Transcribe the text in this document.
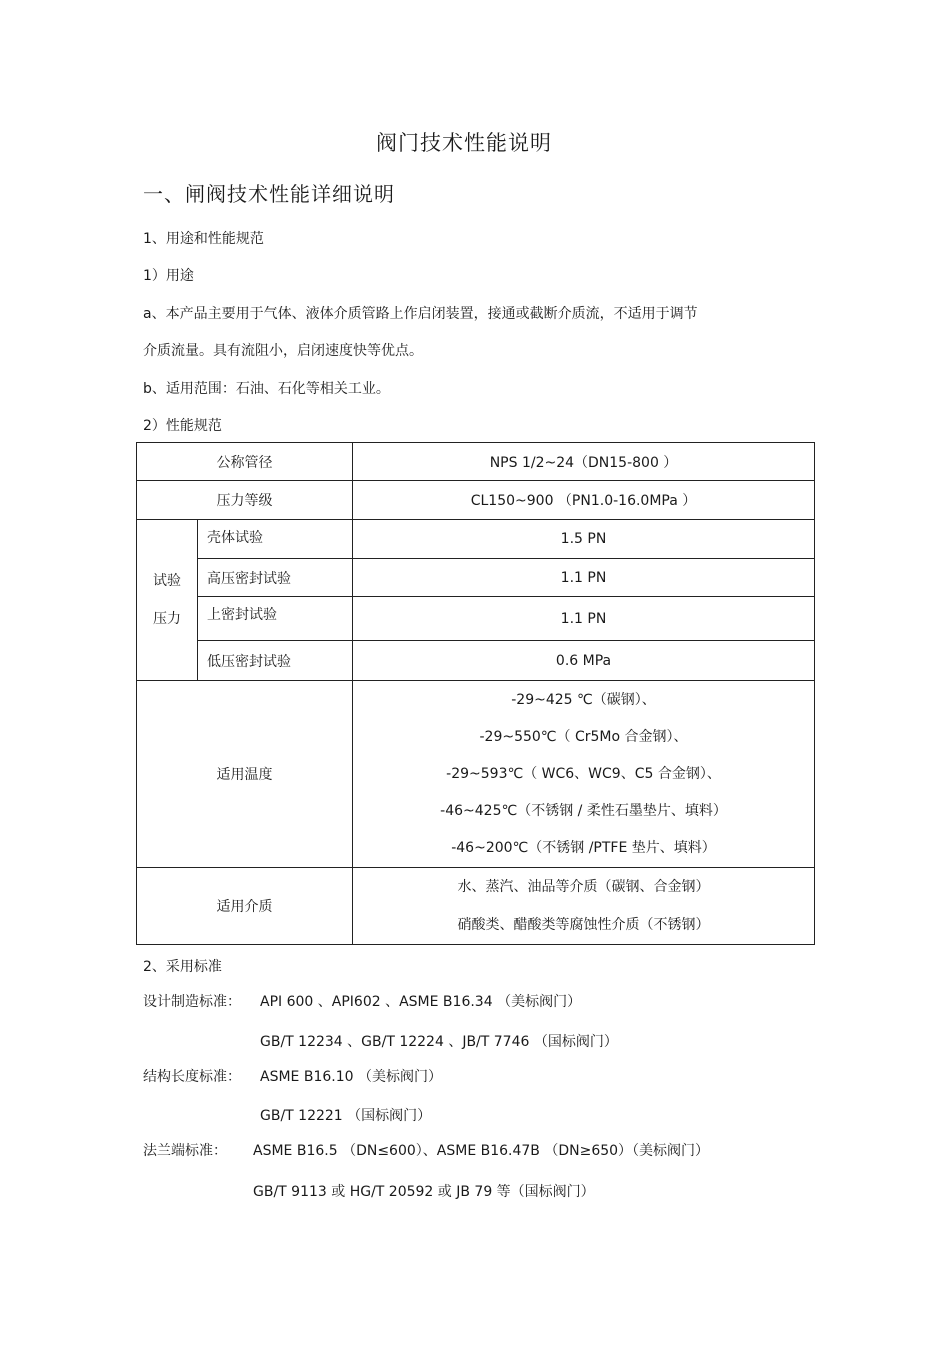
阀门技术性能说明
一、闸阀技术性能详细说明
1、用途和性能规范
1）用途
a、本产品主要用于气体、液体介质管路上作启闭装置，接通或截断介质流，不适用于调节
介质流量。具有流阻小，启闭速度快等优点。
b、适用范围：石油、石化等相关工业。
2）性能规范
公称管径		NPS 1/2~24（DN15-800 ）
压力等级		CL150~900 （PN1.0-16.0MPa ）

试验
压力	壳体试验	1.5 PN
	高压密封试验	1.1 PN
	上密封试验	1.1 PN
	低压密封试验	0.6 MPa
适用温度		-29~425 ℃（碳钢）、
-29~550℃（ Cr5Mo 合金钢）、
-29~593℃（ WC6、WC9、C5 合金钢）、
-46~425℃（不锈钢 / 柔性石墨垫片、填料）
-46~200℃（不锈钢 /PTFE 垫片、填料）

适用介质		水、蒸汽、油品等介质（碳钢、合金钢）
硝酸类、醋酸类等腐蚀性介质（不锈钢）
2、采用标准
设计制造标准： API 600 、API602 、ASME B16.34 （美标阀门）
GB/T 12234 、GB/T 12224 、JB/T 7746 （国标阀门）
结构长度标准： ASME B16.10 （美标阀门）
GB/T 12221 （国标阀门）
法兰端标准： ASME B16.5 （DN≤600）、ASME B16.47B （DN≥650）（美标阀门）
GB/T 9113 或 HG/T 20592 或 JB 79 等（国标阀门）
